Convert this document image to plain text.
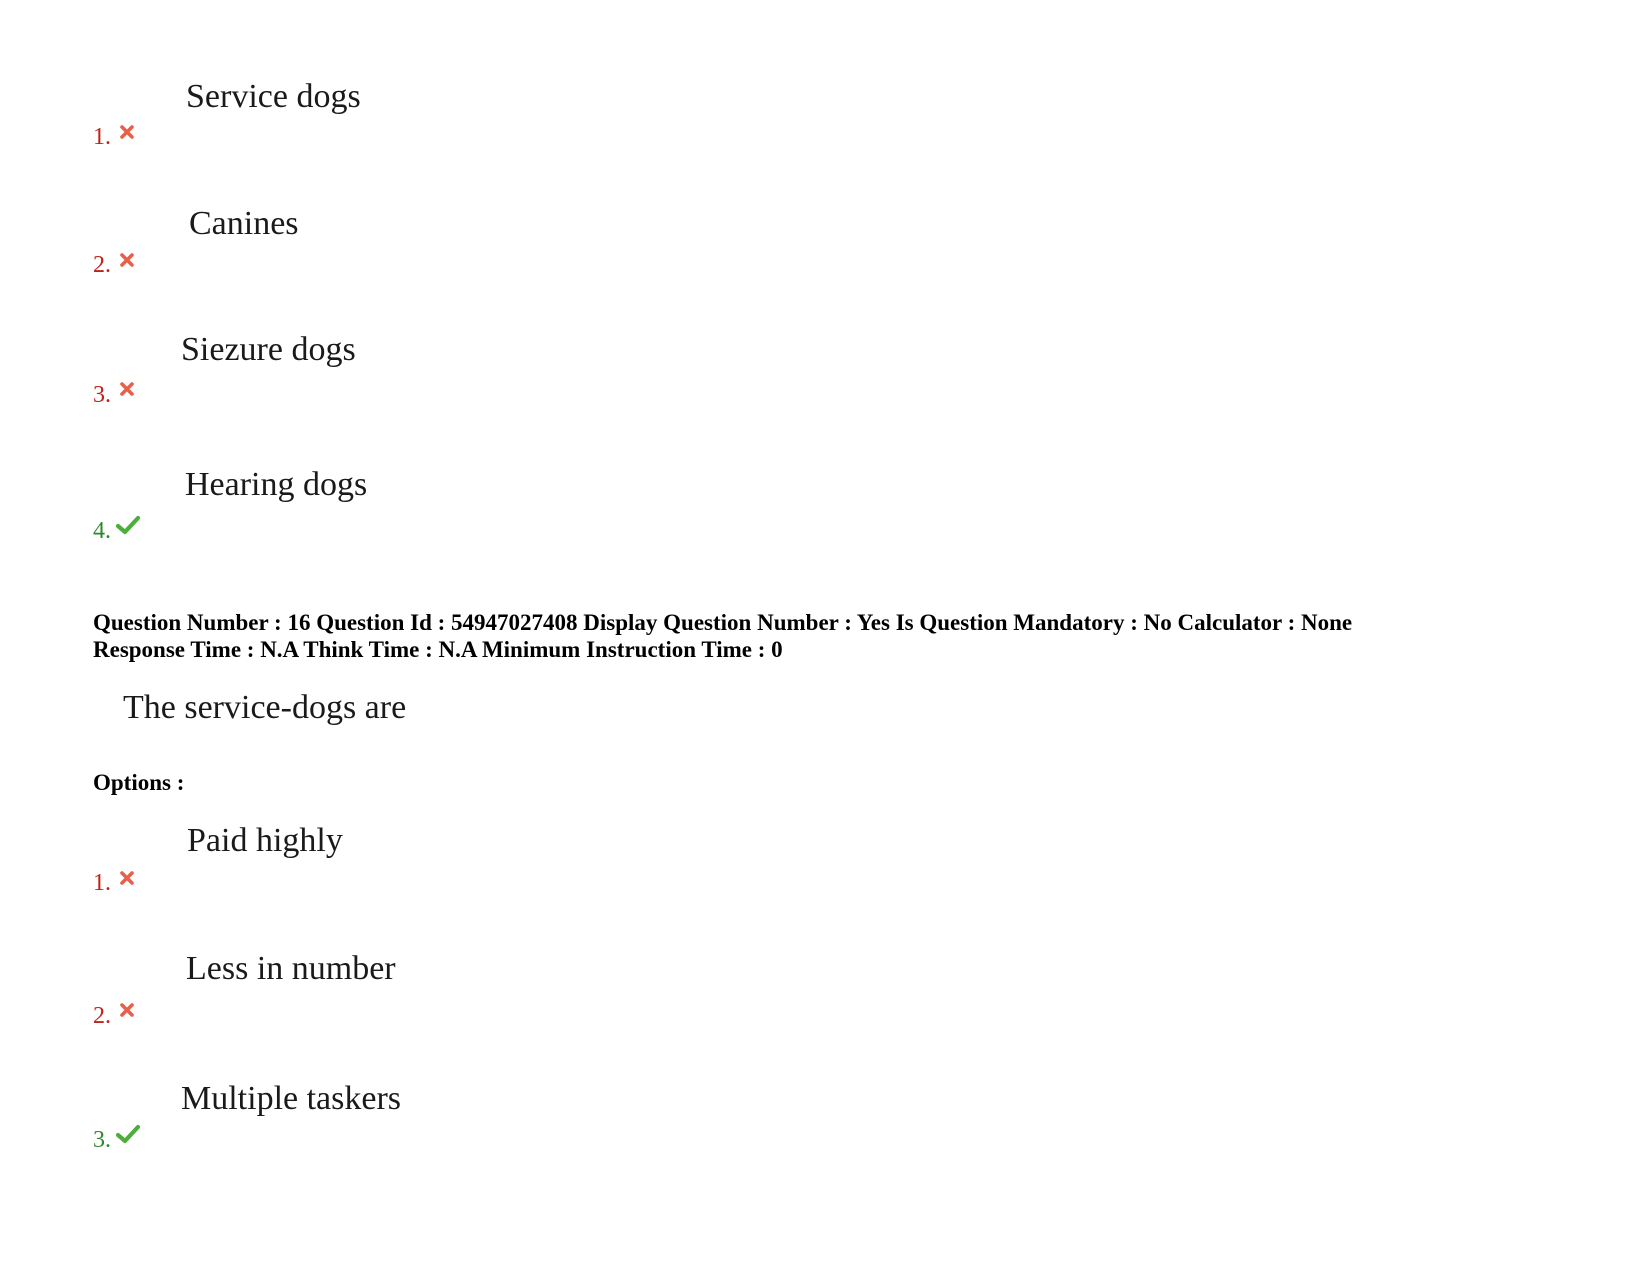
Service dogs
1.
Canines
2.
Siezure dogs
3.
Hearing dogs
4.
Question Number : 16 Question Id : 54947027408 Display Question Number : Yes Is Question Mandatory : No Calculator : None
Response Time : N.A Think Time : N.A Minimum Instruction Time : 0
The service-dogs are
Options :
Paid highly
1.
Less in number
2.
Multiple taskers
3.
